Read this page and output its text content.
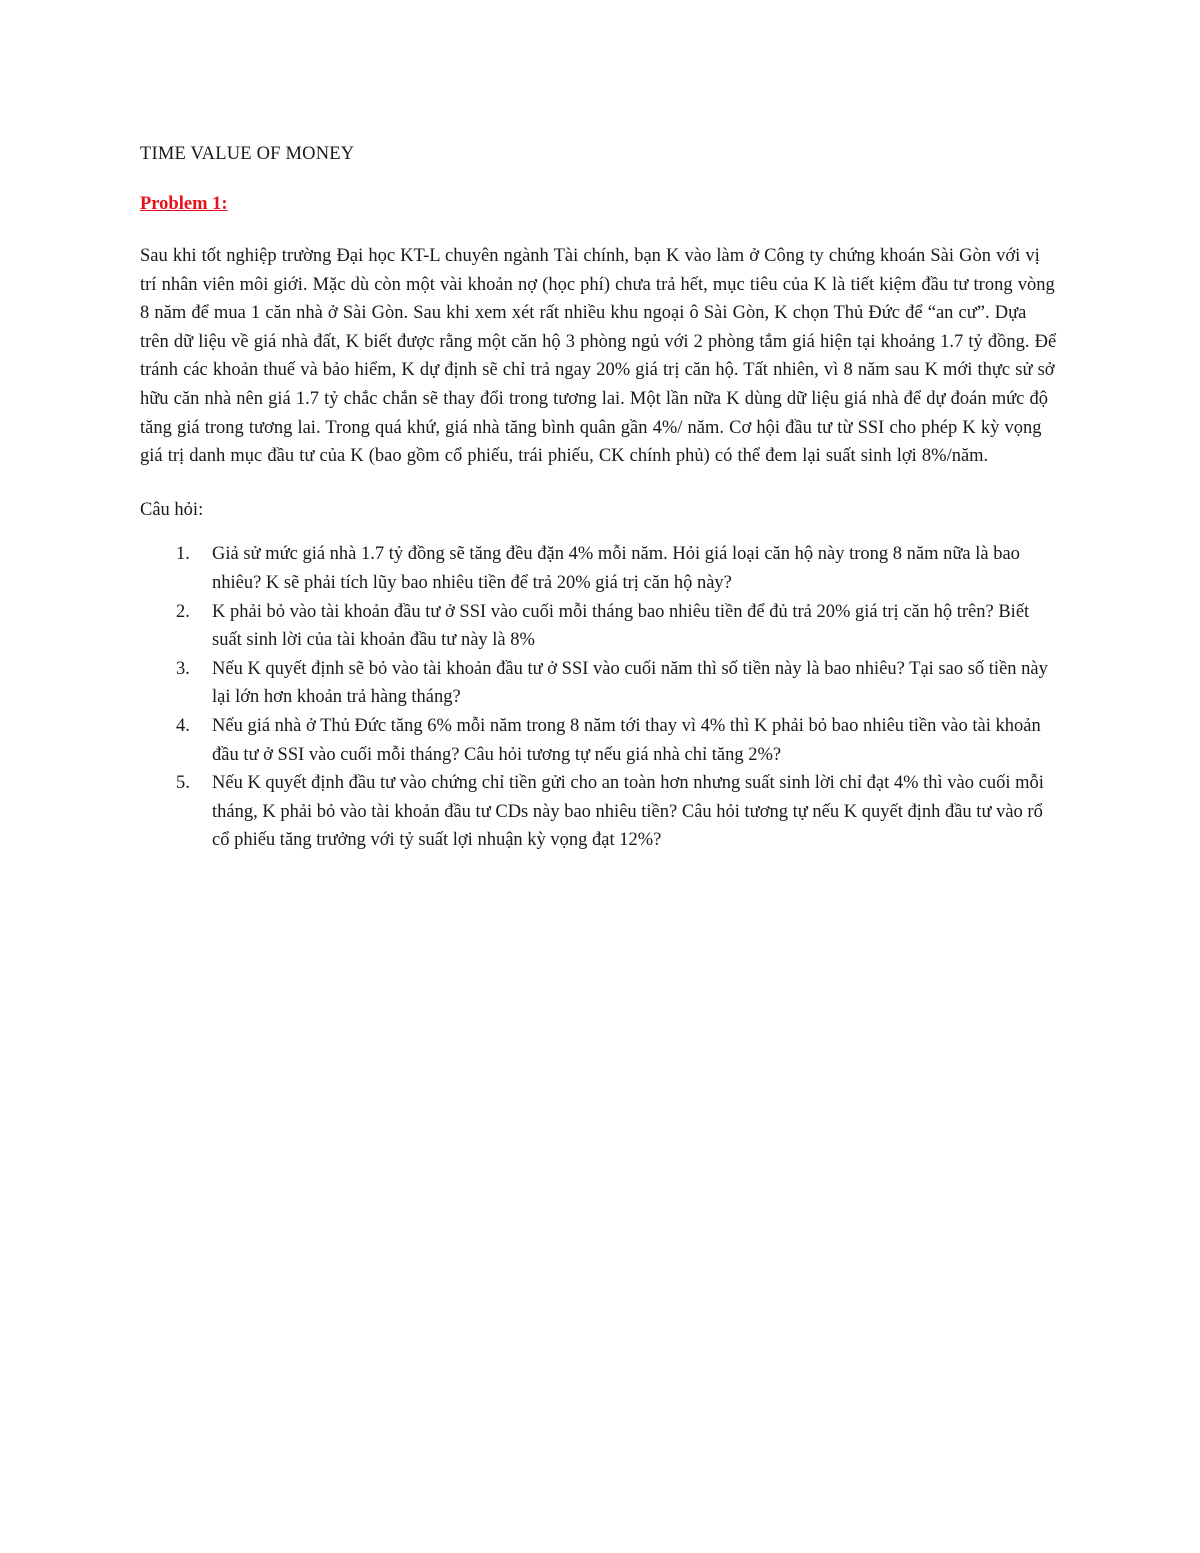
TIME VALUE OF MONEY

Problem 1:

Sau khi tốt nghiệp trường Đại học KT-L chuyên ngành Tài chính, bạn K vào làm ở Công ty chứng khoán Sài Gòn với vị trí nhân viên môi giới. Mặc dù còn một vài khoản nợ (học phí) chưa trả hết, mục tiêu của K là tiết kiệm đầu tư trong vòng 8 năm để mua 1 căn nhà ở Sài Gòn. Sau khi xem xét rất nhiều khu ngoại ô Sài Gòn, K chọn Thủ Đức để “an cư”. Dựa trên dữ liệu về giá nhà đất, K biết được rằng một căn hộ 3 phòng ngủ với 2 phòng tắm giá hiện tại khoảng 1.7 tỷ đồng. Để tránh các khoản thuế và bảo hiểm, K dự định sẽ chỉ trả ngay 20% giá trị căn hộ. Tất nhiên, vì 8 năm sau K mới thực sử sở hữu căn nhà nên giá 1.7 tỷ chắc chắn sẽ thay đổi trong tương lai. Một lần nữa K dùng dữ liệu giá nhà để dự đoán mức độ tăng giá trong tương lai. Trong quá khứ, giá nhà tăng bình quân gần 4%/ năm. Cơ hội đầu tư từ SSI cho phép K kỳ vọng giá trị danh mục đầu tư của K (bao gồm cổ phiếu, trái phiếu, CK chính phủ) có thể đem lại suất sinh lợi 8%/năm.

Câu hỏi:

1. Giả sử mức giá nhà 1.7 tỷ đồng sẽ tăng đều đặn 4% mỗi năm. Hỏi giá loại căn hộ này trong 8 năm nữa là bao nhiêu? K sẽ phải tích lũy bao nhiêu tiền để trả 20% giá trị căn hộ này?
2. K phải bỏ vào tài khoản đầu tư ở SSI vào cuối mỗi tháng bao nhiêu tiền để đủ trả 20% giá trị căn hộ trên? Biết suất sinh lời của tài khoản đầu tư này là 8%
3. Nếu K quyết định sẽ bỏ vào tài khoản đầu tư ở SSI vào cuối năm thì số tiền này là bao nhiêu? Tại sao số tiền này lại lớn hơn khoản trả hàng tháng?
4. Nếu giá nhà ở Thủ Đức tăng 6% mỗi năm trong 8 năm tới thay vì 4% thì K phải bỏ bao nhiêu tiền vào tài khoản đầu tư ở SSI vào cuối mỗi tháng? Câu hỏi tương tự nếu giá nhà chỉ tăng 2%?
5. Nếu K quyết định đầu tư vào chứng chỉ tiền gửi cho an toàn hơn nhưng suất sinh lời chỉ đạt 4% thì vào cuối mỗi tháng, K phải bỏ vào tài khoản đầu tư CDs này bao nhiêu tiền? Câu hỏi tương tự nếu K quyết định đầu tư vào rổ cổ phiếu tăng trưởng với tỷ suất lợi nhuận kỳ vọng đạt 12%?
